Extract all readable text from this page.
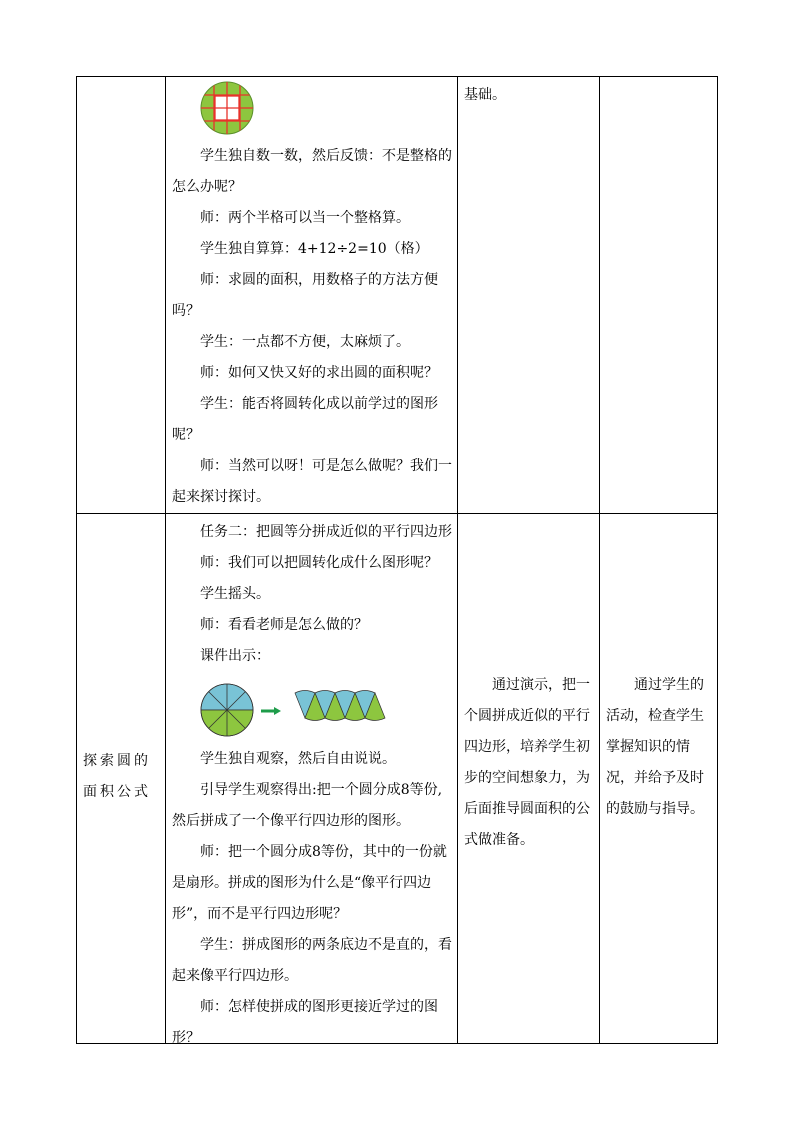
学生独自数一数，然后反馈：不是整格的怎么办呢？

师：两个半格可以当一个整格算。

学生独自算算：4+12÷2=10（格）

师：求圆的面积，用数格子的方法方便吗？

学生：一点都不方便，太麻烦了。

师：如何又快又好的求出圆的面积呢？

学生：能否将圆转化成以前学过的图形呢？

师：当然可以呀！可是怎么做呢？我们一起来探讨探讨。

基础。

探索圆的面积公式

任务二：把圆等分拼成近似的平行四边形

师：我们可以把圆转化成什么图形呢？

学生摇头。

师：看看老师是怎么做的？

课件出示：

学生独自观察，然后自由说说。

引导学生观察得出:把一个圆分成8等份,然后拼成了一个像平行四边形的图形。

师：把一个圆分成8等份，其中的一份就是扇形。拼成的图形为什么是“像平行四边形”，而不是平行四边形呢？

学生：拼成图形的两条底边不是直的，看起来像平行四边形。

师：怎样使拼成的图形更接近学过的图形？

通过演示，把一个圆拼成近似的平行四边形，培养学生初步的空间想象力，为后面推导圆面积的公式做准备。

通过学生的活动，检查学生掌握知识的情况，并给予及时的鼓励与指导。
